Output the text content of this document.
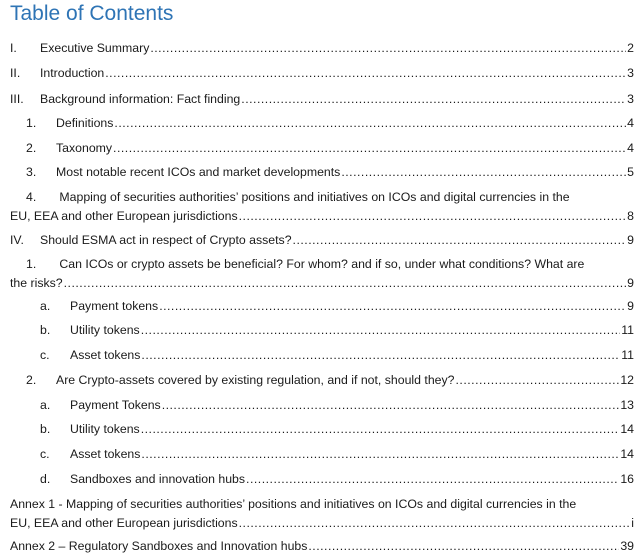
Table of Contents
I.	Executive Summary .....	2
II.	Introduction .....	3
III.	Background information: Fact finding .....	3
1.	Definitions .....	4
2.	Taxonomy .....	4
3.	Most notable recent ICOs and market developments .....	5
4. Mapping of securities authorities’ positions and initiatives on ICOs and digital currencies in the
EU, EEA and other European jurisdictions .....	8
IV.	Should ESMA act in respect of Crypto assets? .....	9
1. Can ICOs or crypto assets be beneficial? For whom? and if so, under what conditions? What are
the risks? .....	9
a.	Payment tokens .....	9
b.	Utility tokens .....	11
c.	Asset tokens .....	11
2.	Are Crypto-assets covered by existing regulation, and if not, should they? .....	12
a.	Payment Tokens .....	13
b.	Utility tokens .....	14
c.	Asset tokens .....	14
d.	Sandboxes and innovation hubs .....	16
Annex 1 - Mapping of securities authorities’ positions and initiatives on ICOs and digital currencies in the
EU, EEA and other European jurisdictions .....	i
Annex 2 – Regulatory Sandboxes and Innovation hubs .....	39
